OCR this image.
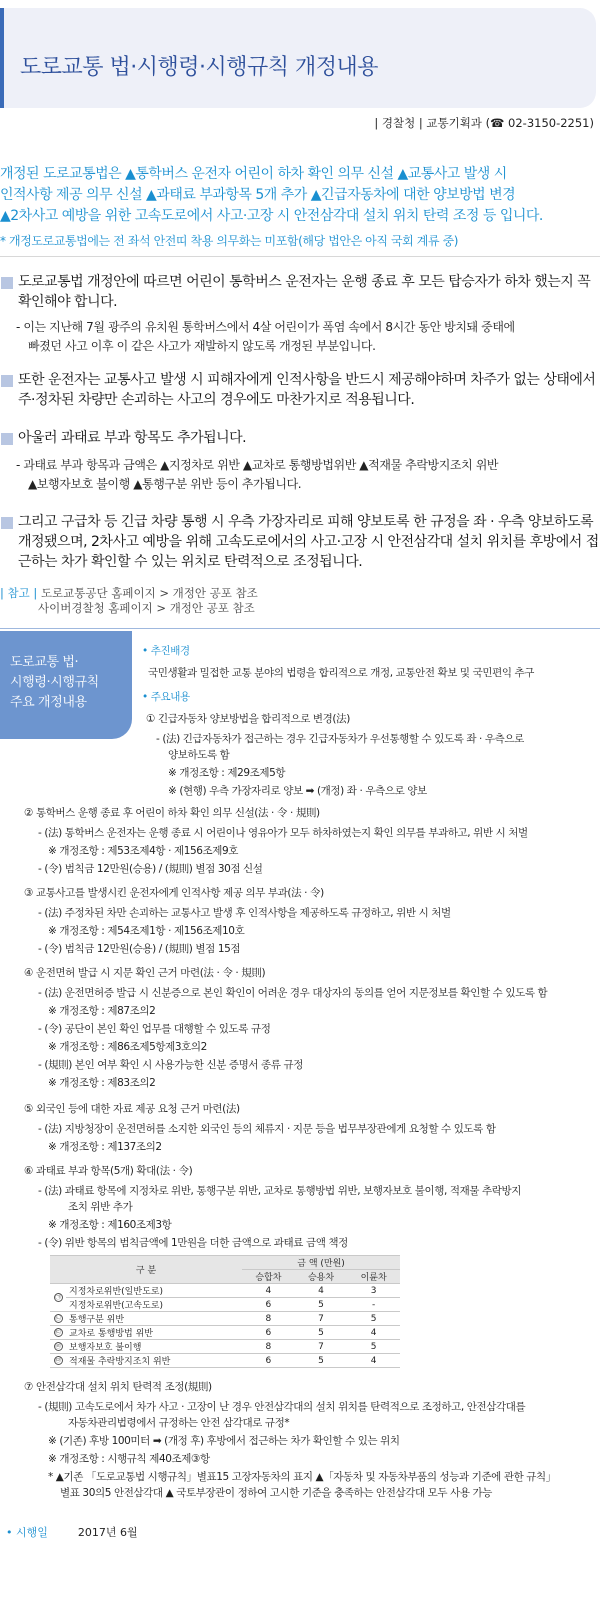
도로교통 법·시행령·시행규칙 개정내용
| 경찰청 | 교통기획과 (☎ 02-3150-2251)
개정된 도로교통법은 ▲통학버스 운전자 어린이 하차 확인 의무 신설 ▲교통사고 발생 시
인적사항 제공 의무 신설 ▲과태료 부과항목 5개 추가 ▲긴급자동차에 대한 양보방법 변경
▲2차사고 예방을 위한 고속도로에서 사고·고장 시 안전삼각대 설치 위치 탄력 조정 등 입니다.
* 개정도로교통법에는 전 좌석 안전띠 착용 의무화는 미포함(해당 법안은 아직 국회 계류 중)
도로교통법 개정안에 따르면 어린이 통학버스 운전자는 운행 종료 후 모든 탑승자가 하차 했는지 꼭 확인해야 합니다.
- 이는 지난해 7월 광주의 유치원 통학버스에서 4살 어린이가 폭염 속에서 8시간 동안 방치돼 중태에
빠졌던 사고 이후 이 같은 사고가 재발하지 않도록 개정된 부분입니다.
또한 운전자는 교통사고 발생 시 피해자에게 인적사항을 반드시 제공해야하며 차주가 없는 상태에서 주·정차된 차량만 손괴하는 사고의 경우에도 마찬가지로 적용됩니다.
아울러 과태료 부과 항목도 추가됩니다.
- 과태료 부과 항목과 금액은 ▲지정차로 위반 ▲교차로 통행방법위반 ▲적재물 추락방지조치 위반
▲보행자보호 불이행 ▲통행구분 위반 등이 추가됩니다.
그리고 구급차 등 긴급 차량 통행 시 우측 가장자리로 피해 양보토록 한 규정을 좌 · 우측 양보하도록 개정됐으며, 2차사고 예방을 위해 고속도로에서의 사고·고장 시 안전삼각대 설치 위치를 후방에서 접근하는 차가 확인할 수 있는 위치로 탄력적으로 조정됩니다.
| 참고 | 도로교통공단 홈페이지 > 개정안 공포 참조
사이버경찰청 홈페이지 > 개정안 공포 참조
도로교통 법·
시행령·시행규칙
주요 개정내용
• 추진배경
국민생활과 밀접한 교통 분야의 법령을 합리적으로 개정, 교통안전 확보 및 국민편익 추구
• 주요내용
① 긴급자동차 양보방법을 합리적으로 변경(法)
- (法) 긴급자동차가 접근하는 경우 긴급자동차가 우선통행할 수 있도록 좌 · 우측으로
양보하도록 함
※ 개정조항 : 제29조제5항
※ (현행) 우측 가장자리로 양보 ➡ (개정) 좌 · 우측으로 양보
② 통학버스 운행 종료 후 어린이 하차 확인 의무 신설(法 · 令 · 規則)
- (法) 통학버스 운전자는 운행 종료 시 어린이나 영유아가 모두 하차하였는지 확인 의무를 부과하고, 위반 시 처벌
※ 개정조항 : 제53조제4항 · 제156조제9호
- (令) 범칙금 12만원(승용) / (規則) 별점 30점 신설
③ 교통사고를 발생시킨 운전자에게 인적사항 제공 의무 부과(法 · 令)
- (法) 주정차된 차만 손괴하는 교통사고 발생 후 인적사항을 제공하도록 규정하고, 위반 시 처벌
※ 개정조항 : 제54조제1항 · 제156조제10호
- (令) 범칙금 12만원(승용) / (規則) 별점 15점
④ 운전면허 발급 시 지문 확인 근거 마련(法 · 令 · 規則)
- (法) 운전면허증 발급 시 신분증으로 본인 확인이 어려운 경우 대상자의 동의를 얻어 지문정보를 확인할 수 있도록 함
※ 개정조항 : 제87조의2
- (令) 공단이 본인 확인 업무를 대행할 수 있도록 규정
※ 개정조항 : 제86조제5항제3호의2
- (規則) 본인 여부 확인 시 사용가능한 신분 증명서 종류 규정
※ 개정조항 : 제83조의2
⑤ 외국인 등에 대한 자료 제공 요청 근거 마련(法)
- (法) 지방청장이 운전면허를 소지한 외국인 등의 체류지 · 지문 등을 법무부장관에게 요청할 수 있도록 함
※ 개정조항 : 제137조의2
⑥ 과태료 부과 항목(5개) 확대(法 · 令)
- (法) 과태료 항목에 지정차로 위반, 통행구분 위반, 교차로 통행방법 위반, 보행자보호 불이행, 적재물 추락방지
조치 위반 추가
※ 개정조항 : 제160조제3항
- (令) 위반 항목의 범칙금액에 1만원을 더한 금액으로 과태료 금액 책정
구 분		금 액 (만원)		
		승합차	승용차	이륜차
㉠	지정차로위반(일반도로)	4	4	3
	지정차로위반(고속도로)	6	5	-
㉡	통행구분 위반	8	7	5
㉢	교차로 통행방법 위반	6	5	4
㉣	보행자보호 불이행	8	7	5
㉤	적재물 추락방지조치 위반	6	5	4
⑦ 안전삼각대 설치 위치 탄력적 조정(規則)
- (規則) 고속도로에서 차가 사고 · 고장이 난 경우 안전삼각대의 설치 위치를 탄력적으로 조정하고, 안전삼각대를
자동차관리법령에서 규정하는 안전 삼각대로 규정*
※ (기존) 후방 100미터 ➡ (개정 후) 후방에서 접근하는 차가 확인할 수 있는 위치
※ 개정조항 : 시행규칙 제40조제③항
* ▲기존 「도로교통법 시행규칙」별표15 고장자동차의 표지 ▲「자동차 및 자동차부품의 성능과 기준에 관한 규칙」
별표 30의5 안전삼각대 ▲ 국토부장관이 정하여 고시한 기준을 충족하는 안전삼각대 모두 사용 가능
• 시행일	2017년 6월
